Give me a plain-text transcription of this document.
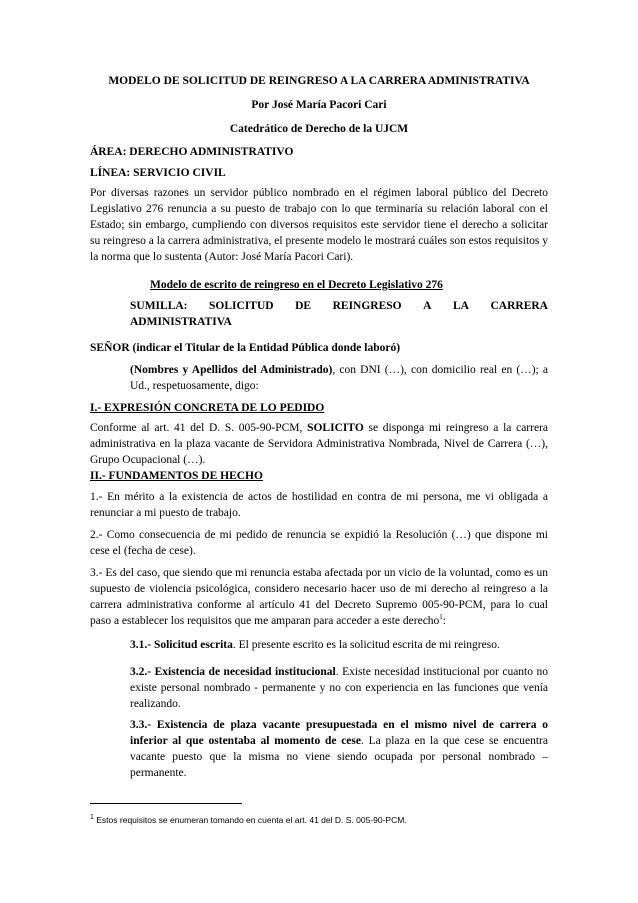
MODELO DE SOLICITUD DE REINGRESO A LA CARRERA ADMINISTRATIVA
Por José María Pacori Cari
Catedrático de Derecho de la UJCM
ÁREA: DERECHO ADMINISTRATIVO
LÍNEA: SERVICIO CIVIL
Por diversas razones un servidor público nombrado en el régimen laboral público del Decreto Legislativo 276 renuncia a su puesto de trabajo con lo que terminaría su relación laboral con el Estado; sin embargo, cumpliendo con diversos requisitos este servidor tiene el derecho a solicitar su reingreso a la carrera administrativa, el presente modelo le mostrará cuáles son estos requisitos y la norma que lo sustenta (Autor: José María Pacori Cari).
Modelo de escrito de reingreso en el Decreto Legislativo 276
SUMILLA: SOLICITUD DE REINGRESO A LA CARRERA
ADMINISTRATIVA
SEÑOR (indicar el Titular de la Entidad Pública donde laboró)
(Nombres y Apellidos del Administrado), con DNI (…), con domicilio real en (…); a Ud., respetuosamente, digo:
I.- EXPRESIÓN CONCRETA DE LO PEDIDO
Conforme al art. 41 del D. S. 005-90-PCM, SOLICITO se disponga mi reingreso a la carrera administrativa en la plaza vacante de Servidora Administrativa Nombrada, Nivel de Carrera (…), Grupo Ocupacional (…).
II.- FUNDAMENTOS DE HECHO
1.- En mérito a la existencia de actos de hostilidad en contra de mi persona, me vi obligada a renunciar a mi puesto de trabajo.
2.- Como consecuencia de mi pedido de renuncia se expidió la Resolución (…) que dispone mi cese el (fecha de cese).
3.- Es del caso, que siendo que mi renuncia estaba afectada por un vicio de la voluntad, como es un supuesto de violencia psicológica, considero necesario hacer uso de mi derecho al reingreso a la carrera administrativa conforme al artículo 41 del Decreto Supremo 005-90-PCM, para lo cual paso a establecer los requisitos que me amparan para acceder a este derecho$^1$:
3.1.- Solicitud escrita. El presente escrito es la solicitud escrita de mi reingreso.
3.2.- Existencia de necesidad institucional. Existe necesidad institucional por cuanto no existe personal nombrado - permanente y no con experiencia en las funciones que venía realizando.
3.3.- Existencia de plaza vacante presupuestada en el mismo nivel de carrera o inferior al que ostentaba al momento de cese. La plaza en la que cese se encuentra vacante puesto que la misma no viene siendo ocupada por personal nombrado – permanente.
$^1$ Estos requisitos se enumeran tomando en cuenta el art. 41 del D. S. 005-90-PCM.
